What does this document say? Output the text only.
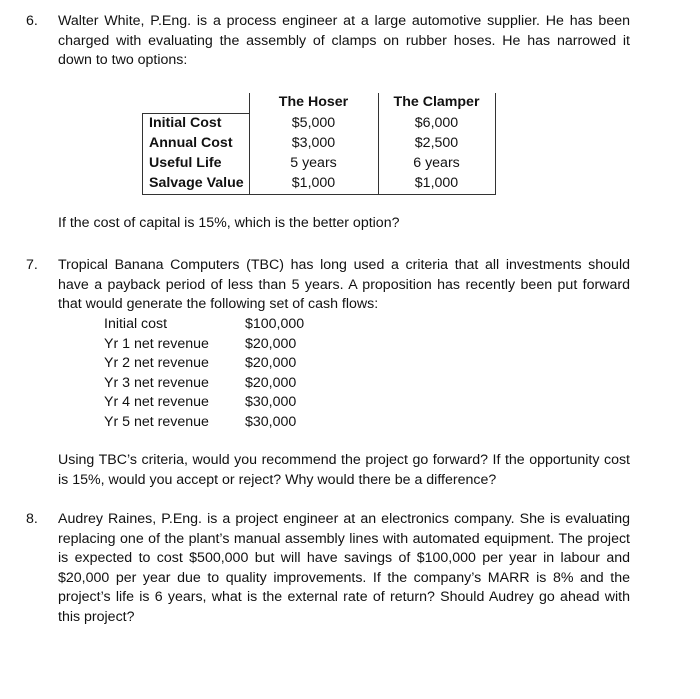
6. Walter White, P.Eng. is a process engineer at a large automotive supplier. He has been charged with evaluating the assembly of clamps on rubber hoses. He has narrowed it down to two options:
	The Hoser	The Clamper
Initial Cost	$5,000	$6,000
Annual Cost	$3,000	$2,500
Useful Life	5 years	6 years
Salvage Value	$1,000	$1,000
If the cost of capital is 15%, which is the better option?
7. Tropical Banana Computers (TBC) has long used a criteria that all investments should have a payback period of less than 5 years. A proposition has recently been put forward that would generate the following set of cash flows:
Initial cost	$100,000
Yr 1 net revenue	$20,000
Yr 2 net revenue	$20,000
Yr 3 net revenue	$20,000
Yr 4 net revenue	$30,000
Yr 5 net revenue	$30,000
Using TBC’s criteria, would you recommend the project go forward? If the opportunity cost is 15%, would you accept or reject? Why would there be a difference?
8. Audrey Raines, P.Eng. is a project engineer at an electronics company. She is evaluating replacing one of the plant’s manual assembly lines with automated equipment. The project is expected to cost $500,000 but will have savings of $100,000 per year in labour and $20,000 per year due to quality improvements. If the company’s MARR is 8% and the project’s life is 6 years, what is the external rate of return? Should Audrey go ahead with this project?
